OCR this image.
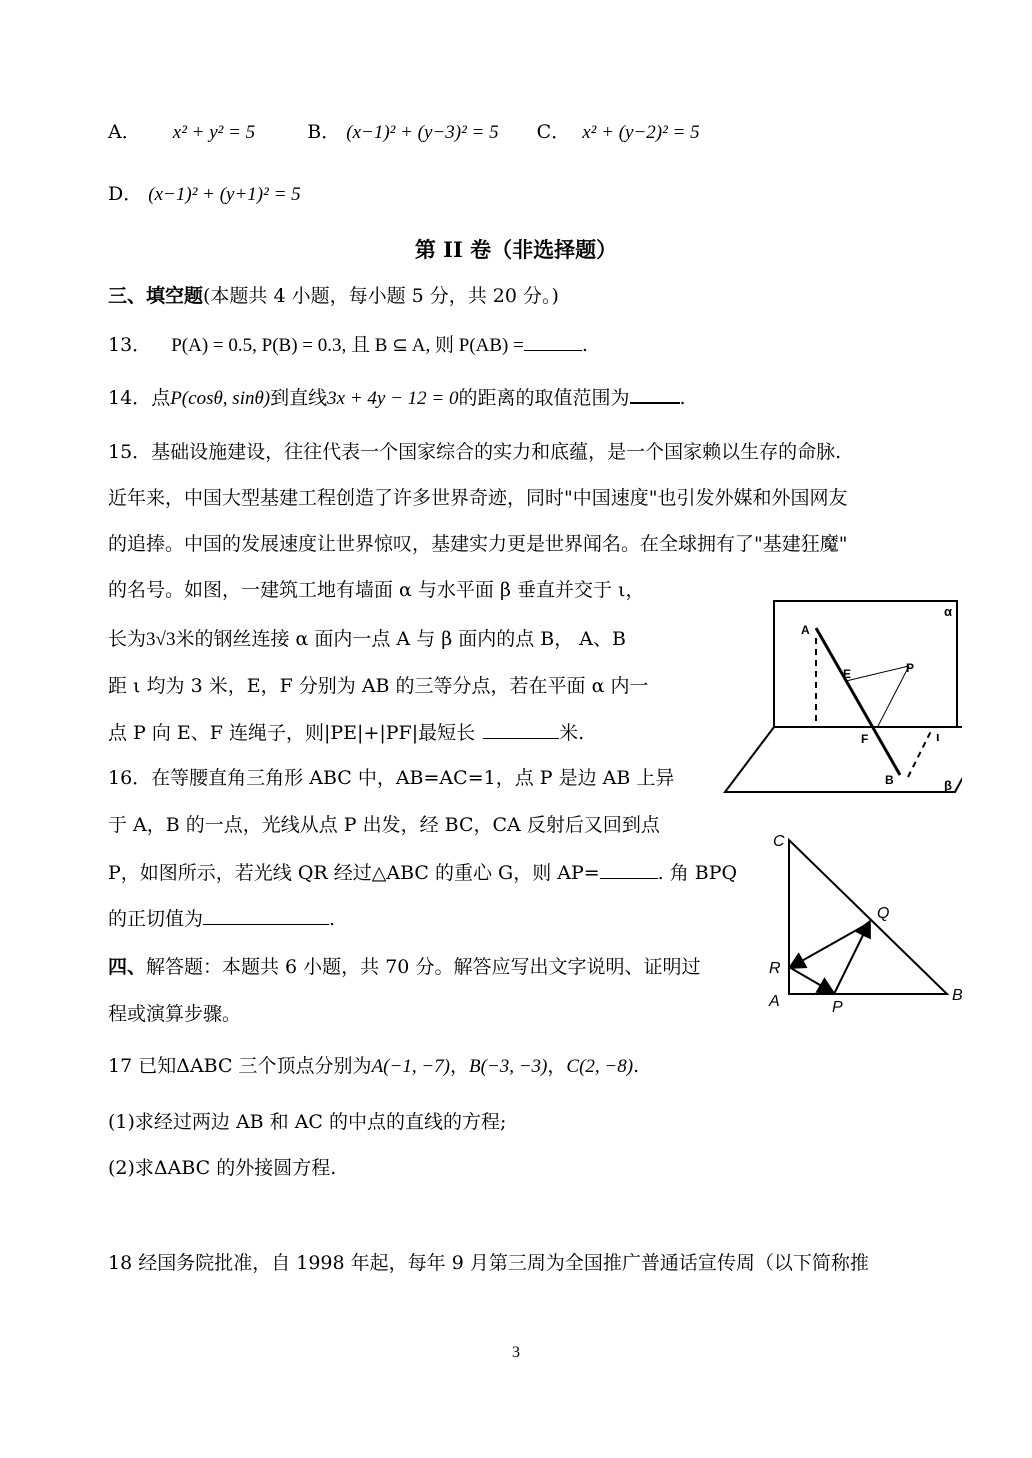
A． x² + y² = 5	B． (x−1)² + (y−3)² = 5 C． x² + (y−2)² = 5
D． (x−1)² + (y+1)² = 5
第 II 卷（非选择题）
三、填空题(本题共 4 小题，每小题 5 分，共 20 分。)
13． P(A) = 0.5, P(B) = 0.3, 且 B ⊆ A, 则 P(AB) =	.
14．点P(cosθ, sinθ)到直线3x + 4y − 12 = 0的距离的取值范围为	.
15．基础设施建设，往往代表一个国家综合的实力和底蕴，是一个国家赖以生存的命脉.
近年来，中国大型基建工程创造了许多世界奇迹，同时"中国速度"也引发外媒和外国网友
的追捧。中国的发展速度让世界惊叹，基建实力更是世界闻名。在全球拥有了"基建狂魔"
的名号。如图，一建筑工地有墙面 α 与水平面 β 垂直并交于 ι，
长为3√3米的钢丝连接 α 面内一点 A 与 β 面内的点 B， A、B
距 ι 均为 3 米，E，F 分别为 AB 的三等分点，若在平面 α 内一
点 P 向 E、F 连绳子，则|PE|+|PF|最短长	米.
16．在等腰直角三角形 ABC 中，AB=AC=1，点 P 是边 AB 上异
于 A，B 的一点，光线从点 P 出发，经 BC，CA 反射后又回到点
P，如图所示，若光线 QR 经过△ABC 的重心 G，则 AP=	. 角 BPQ
的正切值为	.
四、解答题：本题共 6 小题，共 70 分。解答应写出文字说明、证明过
程或演算步骤。
17 已知ΔABC 三个顶点分别为A(−1, −7)，B(−3, −3)，C(2, −8).
(1)求经过两边 AB 和 AC 的中点的直线的方程;
(2)求ΔABC 的外接圆方程.
18 经国务院批准，自 1998 年起，每年 9 月第三周为全国推广普通话宣传周（以下简称推
α
ι
β
A
E	P
F
B
C
Q
R
A	P
B
3
